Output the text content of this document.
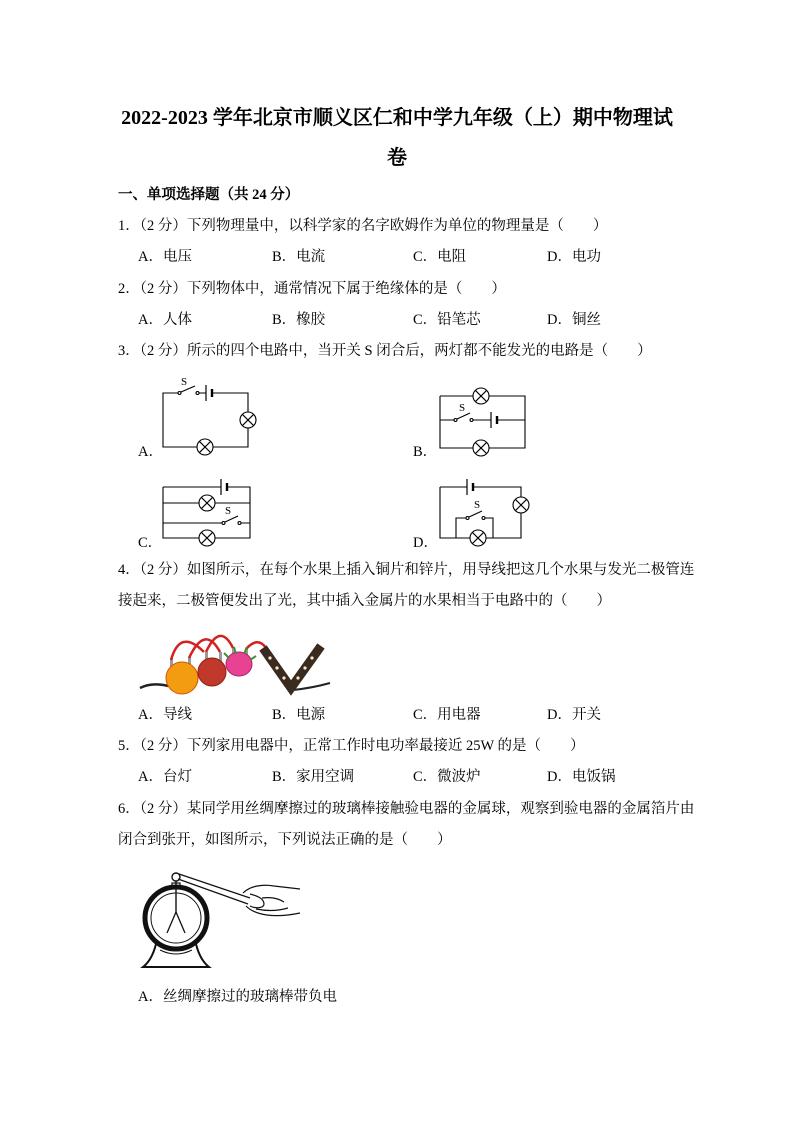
2022-2023 学年北京市顺义区仁和中学九年级（上）期中物理试
卷
一、单项选择题（共 24 分）
1．（2 分）下列物理量中，以科学家的名字欧姆作为单位的物理量是（　　）
A．电压	B．电流	C．电阻	D．电功
2．（2 分）下列物体中，通常情况下属于绝缘体的是（　　）
A．人体	B．橡胶	C．铅笔芯	D．铜丝
3．（2 分）所示的四个电路中，当开关 S 闭合后，两灯都不能发光的电路是（　　）
A．	B．
C．	D．
S
S
S	S
4．（2 分）如图所示，在每个水果上插入铜片和锌片，用导线把这几个水果与发光二极管连
接起来，二极管便发出了光，其中插入金属片的水果相当于电路中的（　　）
A．导线	B．电源	C．用电器	D．开关
5．（2 分）下列家用电器中，正常工作时电功率最接近 25W 的是（　　）
A．台灯	B．家用空调	C．微波炉	D．电饭锅
6．（2 分）某同学用丝绸摩擦过的玻璃棒接触验电器的金属球，观察到验电器的金属箔片由
闭合到张开，如图所示，下列说法正确的是（　　）
A．丝绸摩擦过的玻璃棒带负电
